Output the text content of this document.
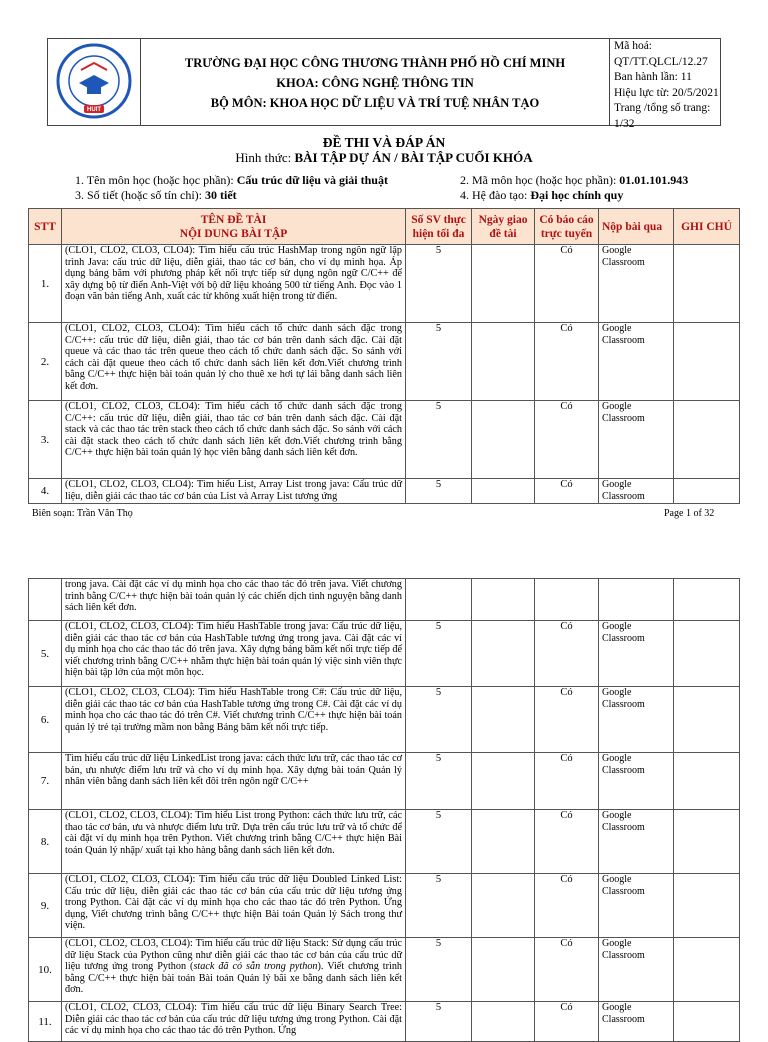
HUIT
TRƯỜNG ĐẠI HỌC CÔNG THƯƠNG THÀNH PHỐ HỒ CHÍ MINH
KHOA: CÔNG NGHỆ THÔNG TIN
BỘ MÔN: KHOA HỌC DỮ LIỆU VÀ TRÍ TUỆ NHÂN TẠO
Mã hoá:
QT/TT.QLCL/12.27
Ban hành lần: 11
Hiệu lực từ: 20/5/2021
Trang /tổng số trang: 1/32
ĐỀ THI VÀ ĐÁP ÁN
Hình thức: BÀI TẬP DỰ ÁN / BÀI TẬP CUỐI KHÓA
1. Tên môn học (hoặc học phần): Cấu trúc dữ liệu và giải thuật	2. Mã môn học (hoặc học phần): 01.01.101.943
3. Số tiết (hoặc số tín chỉ): 30 tiết	4. Hệ đào tạo: Đại học chính quy
STT	TÊN ĐỀ TÀI
NỘI DUNG BÀI TẬP	Số SV thực hiện tối đa	Ngày giao đề tài	Có báo cáo trực tuyến	Nộp bài qua	GHI CHÚ
1.	(CLO1, CLO2, CLO3, CLO4): Tìm hiểu cấu trúc HashMap trong ngôn ngữ lập trình Java: cấu trúc dữ liệu, diễn giải, thao tác cơ bản, cho ví dụ minh họa. Áp dụng bảng băm với phương pháp kết nối trực tiếp sử dụng ngôn ngữ C/C++ để xây dựng bộ từ điển Anh-Việt với bộ dữ liệu khoảng 500 từ tiếng Anh. Đọc vào 1 đoạn văn bản tiếng Anh, xuất các từ không xuất hiện trong từ điển.	5		Có	Google Classroom	
2.	(CLO1, CLO2, CLO3, CLO4): Tìm hiểu cách tổ chức danh sách đặc trong C/C++: cấu trúc dữ liệu, diễn giải, thao tác cơ bản trên danh sách đặc. Cài đặt queue và các thao tác trên queue theo cách tổ chức danh sách đặc. So sánh với cách cài đặt queue theo cách tổ chức danh sách liên kết đơn.Viết chương trình bằng C/C++ thực hiện bài toán quản lý cho thuê xe hơi tự lái bằng danh sách liên kết đơn.	5		Có	Google Classroom	
3.	(CLO1, CLO2, CLO3, CLO4): Tìm hiểu cách tổ chức danh sách đặc trong C/C++: cấu trúc dữ liệu, diễn giải, thao tác cơ bản trên danh sách đặc. Cài đặt stack và các thao tác trên stack theo cách tổ chức danh sách đặc. So sánh với cách cài đặt stack theo cách tổ chức danh sách liên kết đơn.Viết chương trình bằng C/C++ thực hiện bài toán quản lý học viên bằng danh sách liên kết đơn.	5		Có	Google Classroom	
4.	(CLO1, CLO2, CLO3, CLO4): Tìm hiểu List, Array List trong java: Cấu trúc dữ liệu, diễn giải các thao tác cơ bản của List và Array List tương ứng	5		Có	Google Classroom	
Biên soạn: Trần Văn Thọ	Page 1 of 32
	trong java. Cài đặt các ví dụ minh họa cho các thao tác đó trên java. Viết chương trình bằng C/C++ thực hiện bài toán quản lý các chiến dịch tình nguyện bằng danh sách liên kết đơn.					
5.	(CLO1, CLO2, CLO3, CLO4): Tìm hiểu HashTable trong java: Cấu trúc dữ liệu, diễn giải các thao tác cơ bản của HashTable tương ứng trong java. Cài đặt các ví dụ minh họa cho các thao tác đó trên java. Xây dựng bảng băm kết nối trực tiếp để viết chương trình bằng C/C++ nhằm thực hiện bài toán quản lý việc sinh viên thực hiện bài tập lớn của một môn học.	5		Có	Google Classroom	
6.	(CLO1, CLO2, CLO3, CLO4): Tìm hiểu HashTable trong C#: Cấu trúc dữ liệu, diễn giải các thao tác cơ bản của HashTable tương ứng trong C#. Cài đặt các ví dụ minh họa cho các thao tác đó trên C#. Viết chương trình C/C++ thực hiện bài toán quản lý trẻ tại trường mầm non bằng Bảng băm kết nối trực tiếp.	5		Có	Google Classroom	
7.	Tìm hiểu cấu trúc dữ liệu LinkedList trong java: cách thức lưu trữ, các thao tác cơ bản, ưu nhược điểm lưu trữ và cho ví dụ minh họa. Xây dựng bài toán Quản lý nhân viên bằng danh sách liên kết đôi trên ngôn ngữ C/C++	5		Có	Google Classroom	
8.	(CLO1, CLO2, CLO3, CLO4): Tìm hiểu List trong Python: cách thức lưu trữ, các thao tác cơ bản, ưu và nhược điểm lưu trữ. Dựa trên cấu trúc lưu trữ và tổ chức để cài đặt ví dụ minh họa trên Python. Viết chương trình bằng C/C++ thực hiện Bài toán Quản lý nhập/ xuất tại kho hàng bằng danh sách liên kết đơn.	5		Có	Google Classroom	
9.	(CLO1, CLO2, CLO3, CLO4): Tìm hiểu cấu trúc dữ liệu Doubled Linked List: Cấu trúc dữ liệu, diễn giải các thao tác cơ bản của cấu trúc dữ liệu tương ứng trong Python. Cài đặt các ví dụ minh họa cho các thao tác đó trên Python. Ứng dụng, Viết chương trình bằng C/C++ thực hiện Bài toán Quản lý Sách trong thư viện.	5		Có	Google Classroom	
10.	(CLO1, CLO2, CLO3, CLO4): Tìm hiểu cấu trúc dữ liệu Stack: Sử dụng cấu trúc dữ liệu Stack của Python cũng như diễn giải các thao tác cơ bản của cấu trúc dữ liệu tương ứng trong Python (stack đã có sẵn trong python). Viết chương trình bằng C/C++ thực hiện bài toán Bài toán Quản lý bãi xe bằng danh sách liên kết đơn.	5		Có	Google Classroom	
11.	(CLO1, CLO2, CLO3, CLO4): Tìm hiểu cấu trúc dữ liệu Binary Search Tree: Diễn giải các thao tác cơ bản của cấu trúc dữ liệu tương ứng trong Python. Cài đặt các ví dụ minh họa cho các thao tác đó trên Python. Ứng	5		Có	Google Classroom	
